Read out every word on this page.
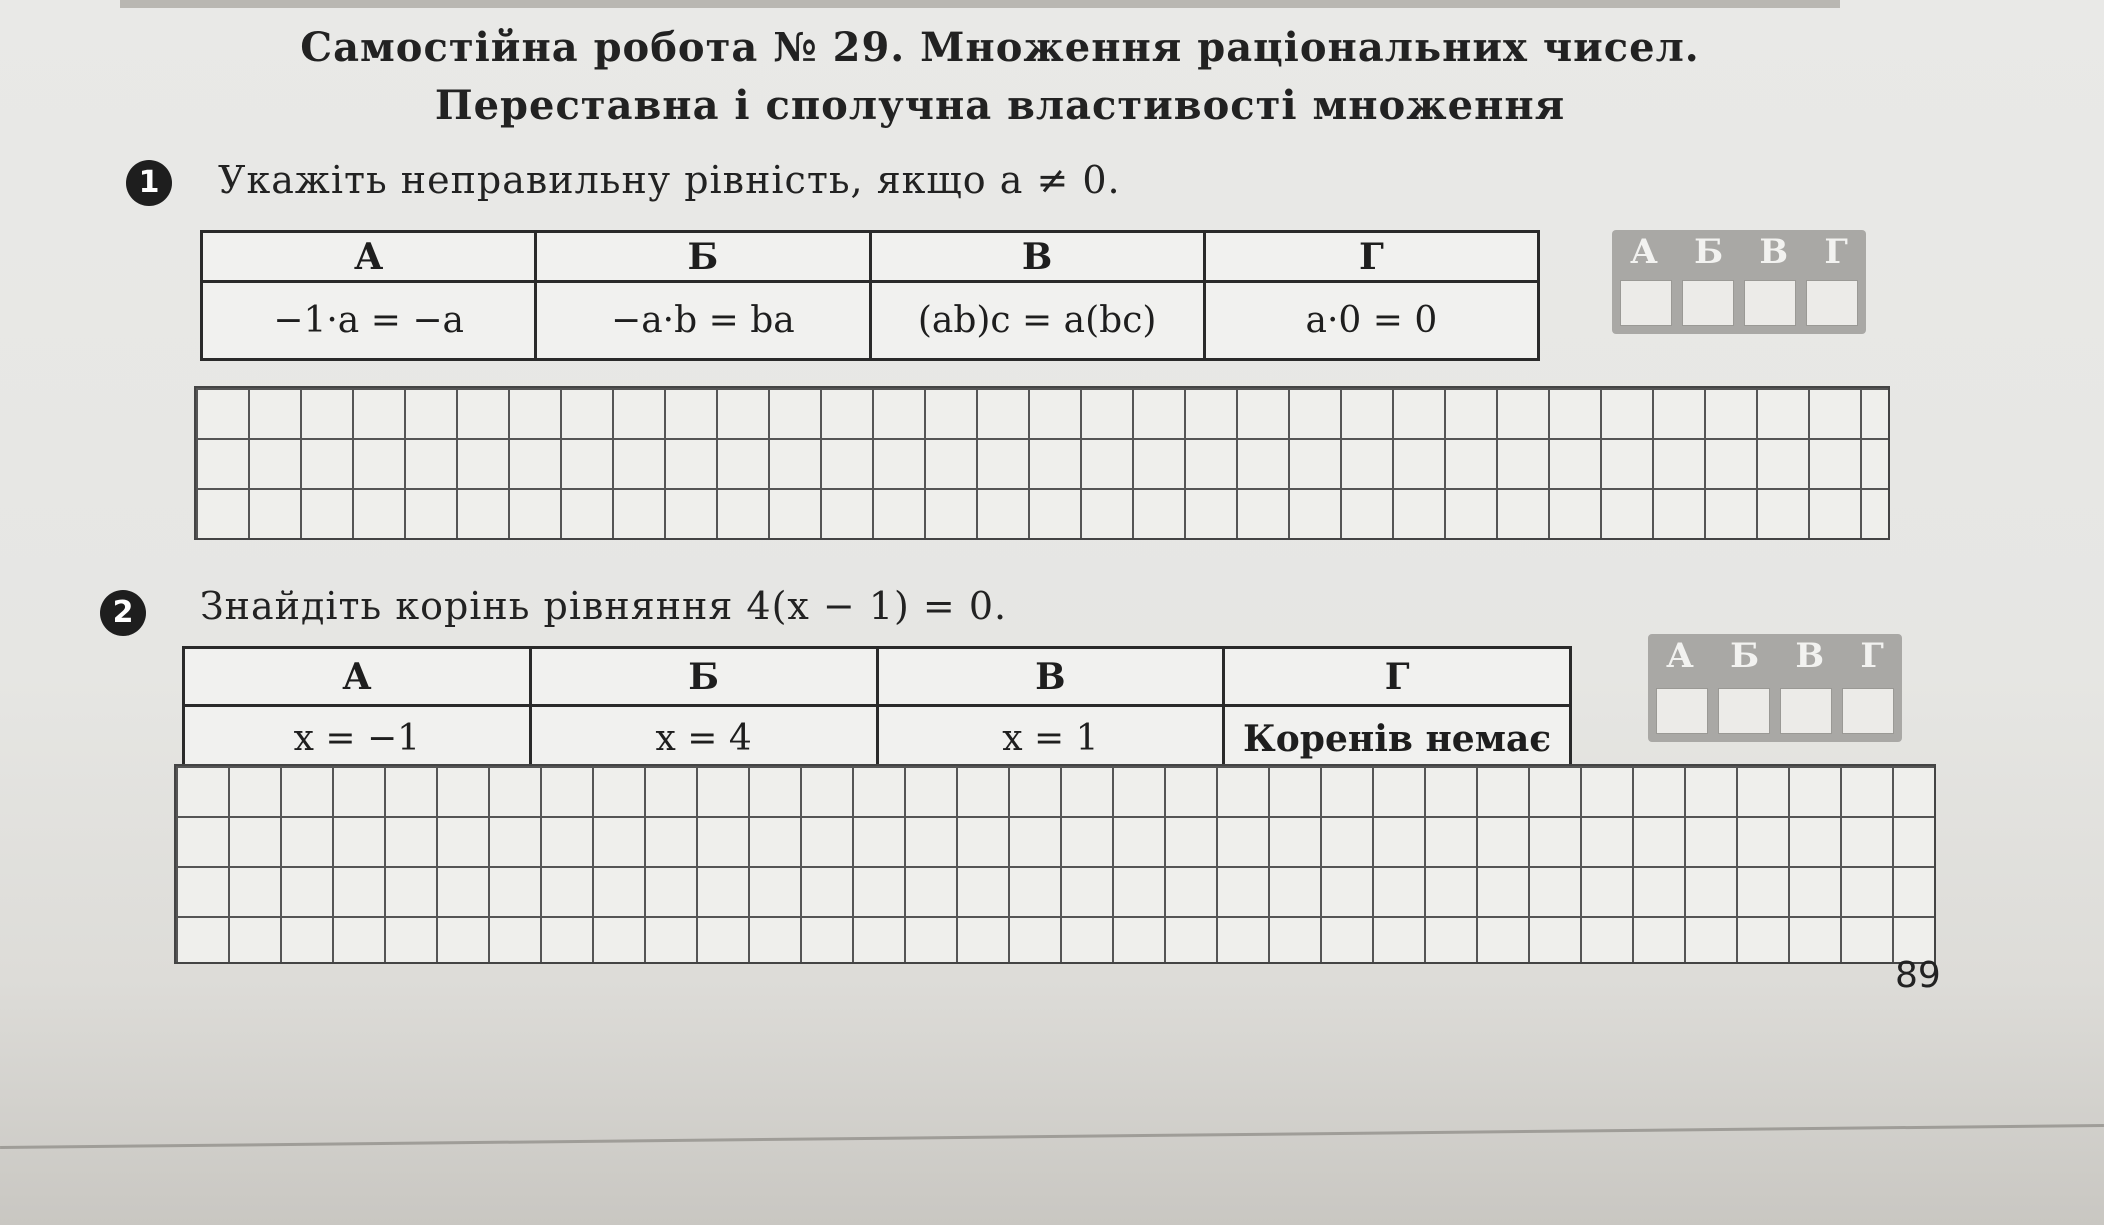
Самостійна робота № 29. Множення раціональних чисел.
Переставна і сполучна властивості множення
1	Укажіть неправильну рівність, якщо a ≠ 0.
А	Б	В	Г
−1·a = −a	−a·b = ba	(ab)c = a(bc)	a·0 = 0
А Б В Г
2	Знайдіть корінь рівняння 4(x − 1) = 0.
А	Б	В	Г
x = −1	x = 4	x = 1	Коренів немає
А Б В Г
89
